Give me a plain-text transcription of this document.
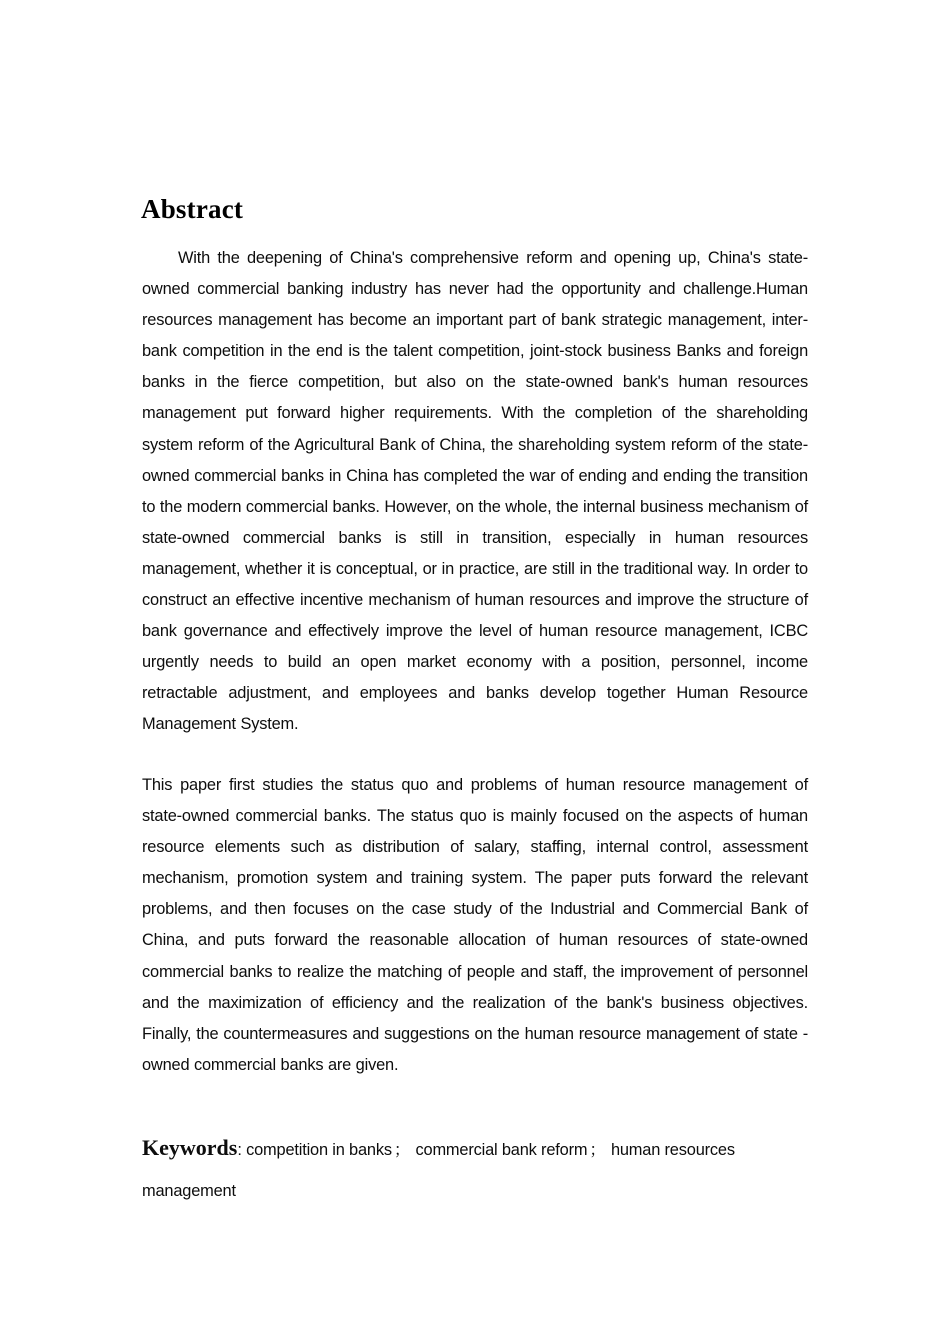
Abstract

With the deepening of China's comprehensive reform and opening up, China's state-owned commercial banking industry has never had the opportunity and challenge.Human resources management has become an important part of bank strategic management, inter-bank competition in the end is the talent competition, joint-stock business Banks and foreign banks in the fierce competition, but also on the state-owned bank's human resources management put forward higher requirements. With the completion of the shareholding system reform of the Agricultural Bank of China, the shareholding system reform of the state-owned commercial banks in China has completed the war of ending and ending the transition to the modern commercial banks. However, on the whole, the internal business mechanism of state-owned commercial banks is still in transition, especially in human resources management, whether it is conceptual, or in practice, are still in the traditional way. In order to construct an effective incentive mechanism of human resources and improve the structure of bank governance and effectively improve the level of human resource management, ICBC urgently needs to build an open market economy with a position, personnel, income retractable adjustment, and employees and banks develop together Human Resource Management System.

This paper first studies the status quo and problems of human resource management of state-owned commercial banks. The status quo is mainly focused on the aspects of human resource elements such as distribution of salary, staffing, internal control, assessment mechanism, promotion system and training system. The paper puts forward the relevant problems, and then focuses on the case study of the Industrial and Commercial Bank of China, and puts forward the reasonable allocation of human resources of state-owned commercial banks to realize the matching of people and staff, the improvement of personnel and the maximization of efficiency and the realization of the bank's business objectives. Finally, the countermeasures and suggestions on the human resource management of state - owned commercial banks are given.

Keywords: competition in banks ； commercial bank reform ； human resources
management
